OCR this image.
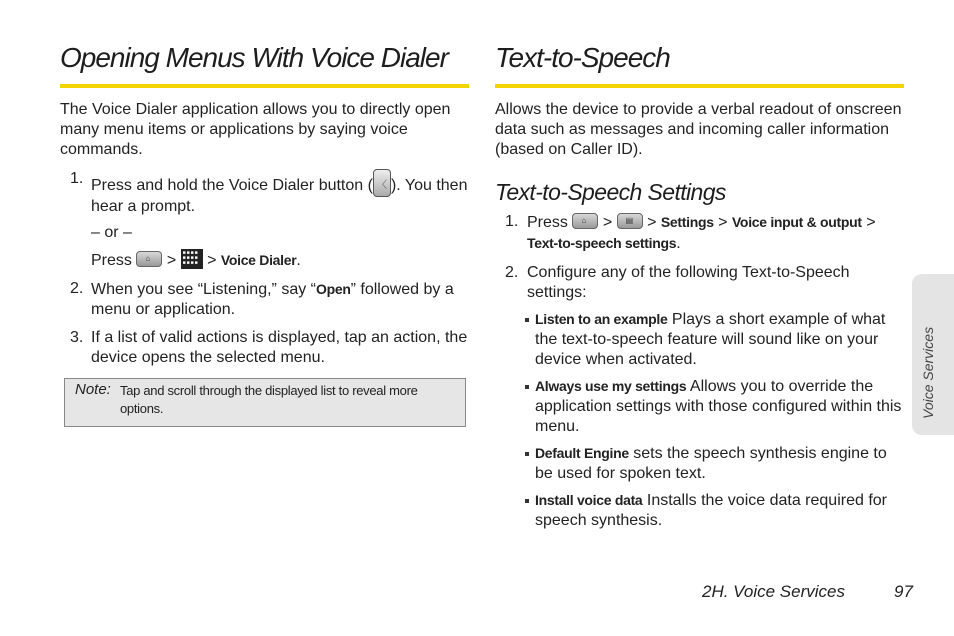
Opening Menus With Voice Dialer

The Voice Dialer application allows you to directly open many menu items or applications by saying voice commands.

1. Press and hold the Voice Dialer button ( 〈 ). You then hear a prompt.
– or –
Press ⌂ > ■■■■ ■■■■ ■■■■ > Voice Dialer.
2. When you see “Listening,” say “Open” followed by a menu or application.
3. If a list of valid actions is displayed, tap an action, the device opens the selected menu.
Note: Tap and scroll through the displayed list to reveal more options.
Text-to-Speech

Allows the device to provide a verbal readout of onscreen data such as messages and incoming caller information (based on Caller ID).

Text-to-Speech Settings
1. Press ⌂ > ▤ > Settings > Voice input & output > Text-to-speech settings.
2. Configure any of the following Text-to-Speech settings:
Listen to an example Plays a short example of what the text-to-speech feature will sound like on your device when activated.
Always use my settings Allows you to override the application settings with those configured within this menu.
Default Engine sets the speech synthesis engine to be used for spoken text.
Install voice data Installs the voice data required for speech synthesis.
Voice Services
2H. Voice Services	97
